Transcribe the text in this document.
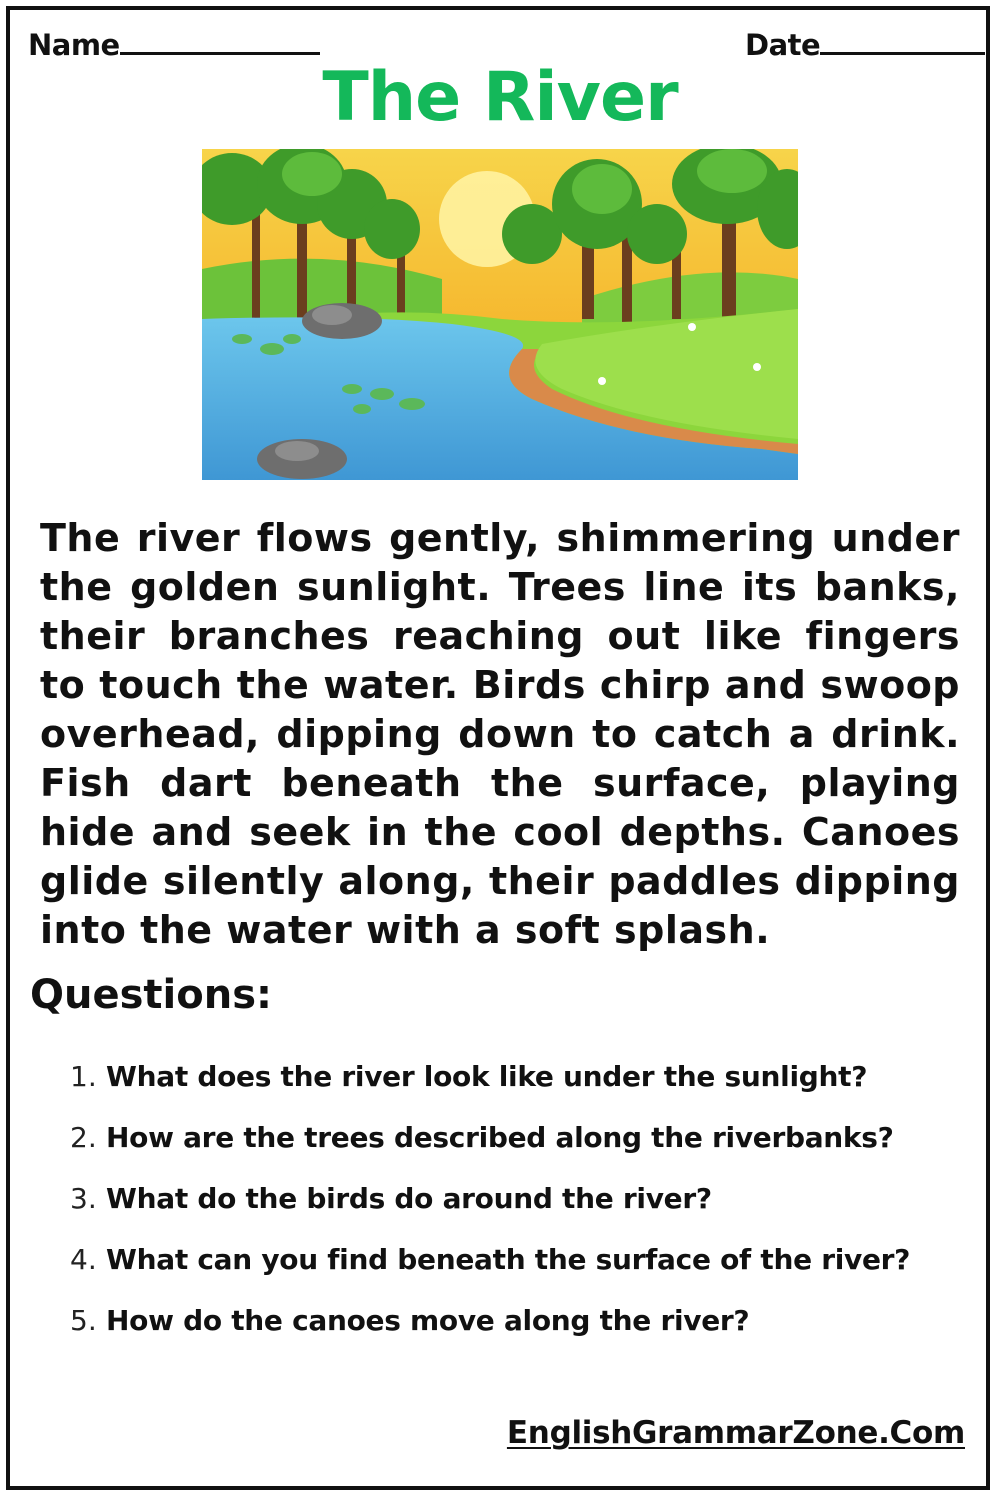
Name	Date
The River
The river flows gently, shimmering under the golden sunlight. Trees line its banks, their branches reaching out like fingers to touch the water. Birds chirp and swoop overhead, dipping down to catch a drink. Fish dart beneath the surface, playing hide and seek in the cool depths. Canoes glide silently along, their paddles dipping into the water with a soft splash.
Questions:
1. What does the river look like under the sunlight?
2. How are the trees described along the riverbanks?
3. What do the birds do around the river?
4. What can you find beneath the surface of the river?
5. How do the canoes move along the river?
EnglishGrammarZone.Com
